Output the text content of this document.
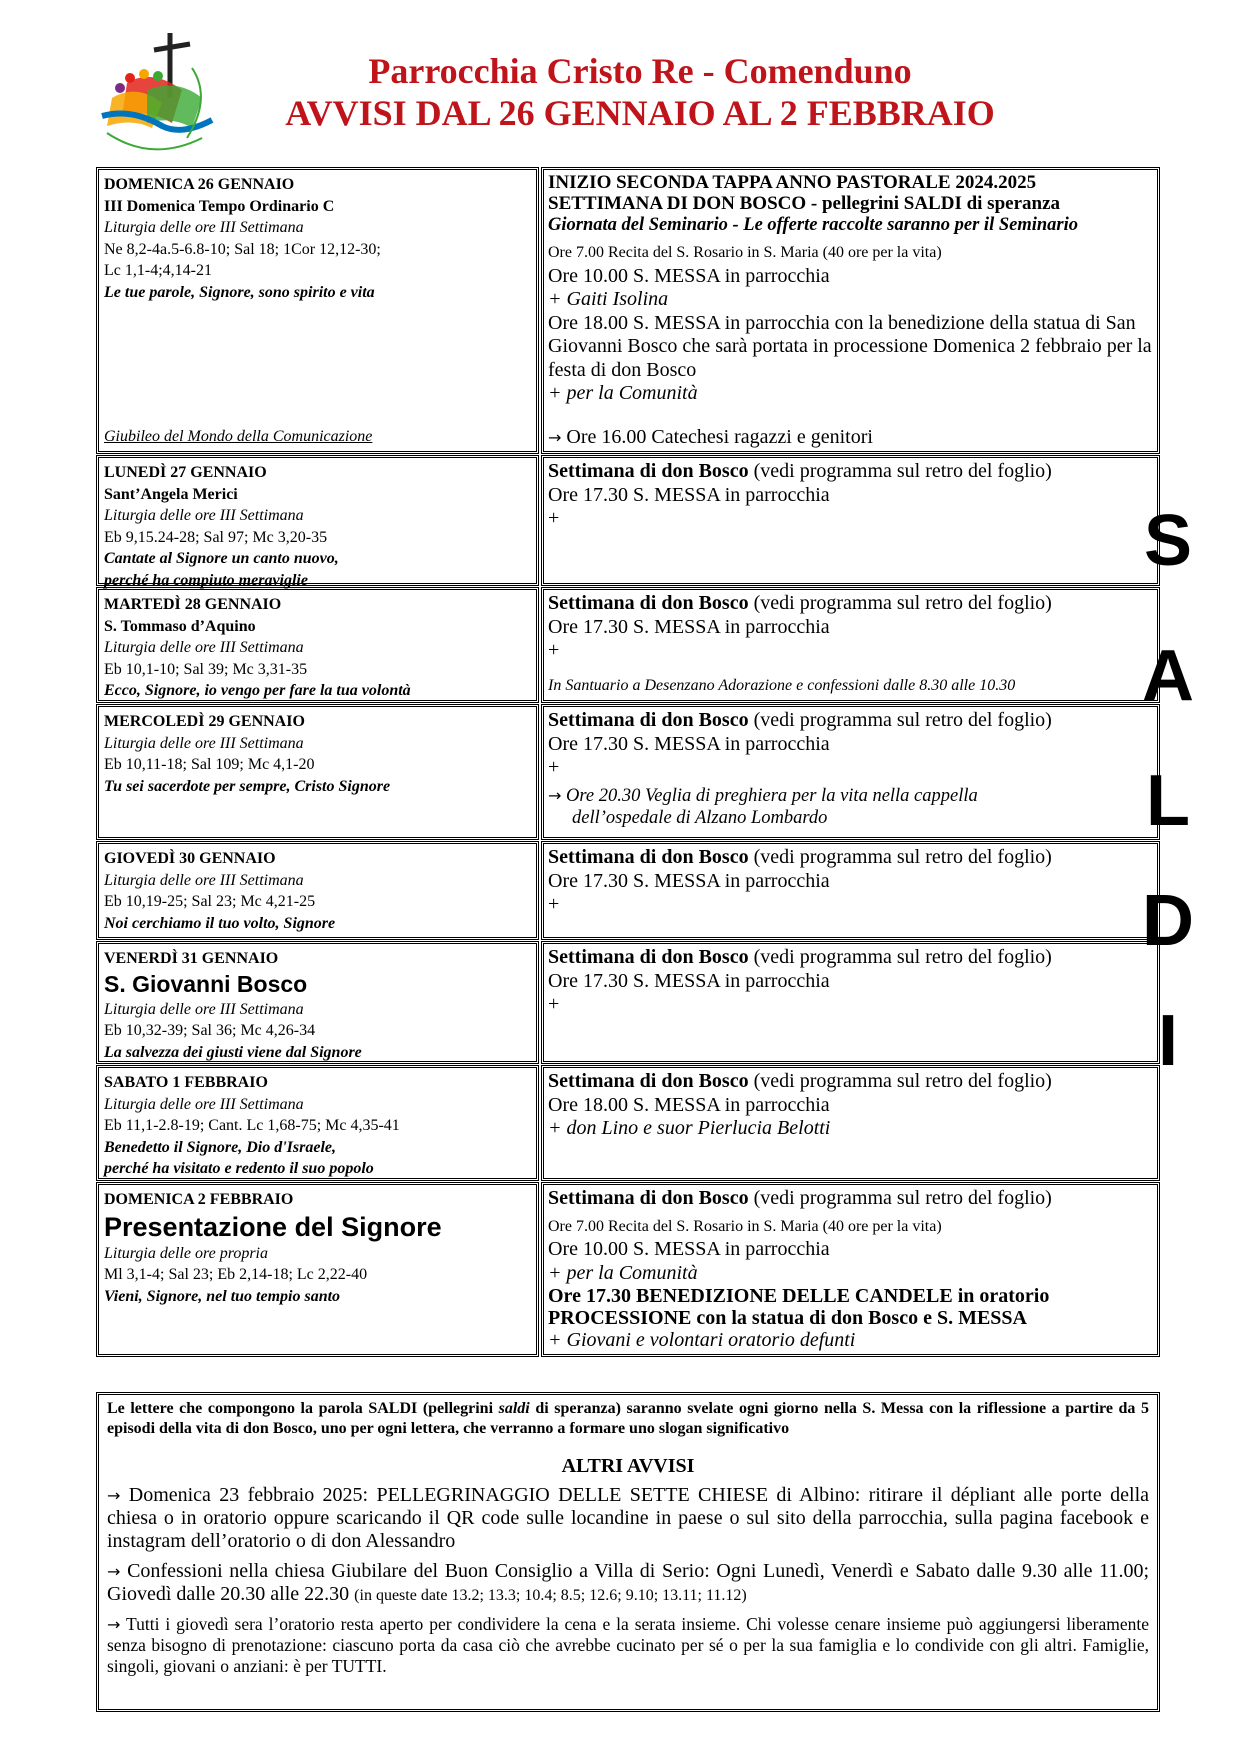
Parrocchia Cristo Re - Comenduno
AVVISI DAL 26 GENNAIO AL 2 FEBBRAIO
DOMENICA 26 GENNAIO
III Domenica Tempo Ordinario C
Liturgia delle ore III Settimana
Ne 8,2-4a.5-6.8-10; Sal 18; 1Cor 12,12-30;
Lc 1,1-4;4,14-21
Le tue parole, Signore, sono spirito e vita
Giubileo del Mondo della Comunicazione
INIZIO SECONDA TAPPA ANNO PASTORALE 2024.2025
SETTIMANA DI DON BOSCO - pellegrini SALDI di speranza
Giornata del Seminario - Le offerte raccolte saranno per il Seminario
Ore 7.00 Recita del S. Rosario in S. Maria (40 ore per la vita)
Ore 10.00 S. MESSA in parrocchia
+ Gaiti Isolina
Ore 18.00 S. MESSA in parrocchia con la benedizione della statua di San Giovanni Bosco che sarà portata in processione Domenica 2 febbraio per la festa di don Bosco
+ per la Comunità
→ Ore 16.00 Catechesi ragazzi e genitori
LUNEDÌ 27 GENNAIO
Sant’Angela Merici
Liturgia delle ore III Settimana
Eb 9,15.24-28; Sal 97; Mc 3,20-35
Cantate al Signore un canto nuovo,
perché ha compiuto meraviglie
Settimana di don Bosco (vedi programma sul retro del foglio)
Ore 17.30 S. MESSA in parrocchia
+
MARTEDÌ 28 GENNAIO
S. Tommaso d’Aquino
Liturgia delle ore III Settimana
Eb 10,1-10; Sal 39; Mc 3,31-35
Ecco, Signore, io vengo per fare la tua volontà
Settimana di don Bosco (vedi programma sul retro del foglio)
Ore 17.30 S. MESSA in parrocchia
+
In Santuario a Desenzano Adorazione e confessioni dalle 8.30 alle 10.30
MERCOLEDÌ 29 GENNAIO
Liturgia delle ore III Settimana
Eb 10,11-18; Sal 109; Mc 4,1-20
Tu sei sacerdote per sempre, Cristo Signore
Settimana di don Bosco (vedi programma sul retro del foglio)
Ore 17.30 S. MESSA in parrocchia
+
→ Ore 20.30 Veglia di preghiera per la vita nella cappella
dell’ospedale di Alzano Lombardo
GIOVEDÌ 30 GENNAIO
Liturgia delle ore III Settimana
Eb 10,19-25; Sal 23; Mc 4,21-25
Noi cerchiamo il tuo volto, Signore
Settimana di don Bosco (vedi programma sul retro del foglio)
Ore 17.30 S. MESSA in parrocchia
+
VENERDÌ 31 GENNAIO
S. Giovanni Bosco
Liturgia delle ore III Settimana
Eb 10,32-39; Sal 36; Mc 4,26-34
La salvezza dei giusti viene dal Signore
Settimana di don Bosco (vedi programma sul retro del foglio)
Ore 17.30 S. MESSA in parrocchia
+
SABATO 1 FEBBRAIO
Liturgia delle ore III Settimana
Eb 11,1-2.8-19; Cant. Lc 1,68-75; Mc 4,35-41
Benedetto il Signore, Dio d'Israele,
perché ha visitato e redento il suo popolo
Settimana di don Bosco (vedi programma sul retro del foglio)
Ore 18.00 S. MESSA in parrocchia
+ don Lino e suor Pierlucia Belotti
DOMENICA 2 FEBBRAIO
Presentazione del Signore
Liturgia delle ore propria
Ml 3,1-4; Sal 23; Eb 2,14-18; Lc 2,22-40
Vieni, Signore, nel tuo tempio santo
Settimana di don Bosco (vedi programma sul retro del foglio)
Ore 7.00 Recita del S. Rosario in S. Maria (40 ore per la vita)
Ore 10.00 S. MESSA in parrocchia
+ per la Comunità
Ore 17.30 BENEDIZIONE DELLE CANDELE in oratorio
PROCESSIONE con la statua di don Bosco e S. MESSA
+ Giovani e volontari oratorio defunti
S
A
L
D
I
Le lettere che compongono la parola SALDI (pellegrini saldi di speranza) saranno svelate ogni giorno nella S. Messa con la riflessione a partire da 5 episodi della vita di don Bosco, uno per ogni lettera, che verranno a formare uno slogan significativo
ALTRI AVVISI
→ Domenica 23 febbraio 2025: PELLEGRINAGGIO DELLE SETTE CHIESE di Albino: ritirare il dépliant alle porte della chiesa o in oratorio oppure scaricando il QR code sulle locandine in paese o sul sito della parrocchia, sulla pagina facebook e instagram dell’oratorio o di don Alessandro
→ Confessioni nella chiesa Giubilare del Buon Consiglio a Villa di Serio: Ogni Lunedì, Venerdì e Sabato dalle 9.30 alle 11.00; Giovedì dalle 20.30 alle 22.30 (in queste date 13.2; 13.3; 10.4; 8.5; 12.6; 9.10; 13.11; 11.12)
→ Tutti i giovedì sera l’oratorio resta aperto per condividere la cena e la serata insieme. Chi volesse cenare insieme può aggiungersi liberamente senza bisogno di prenotazione: ciascuno porta da casa ciò che avrebbe cucinato per sé o per la sua famiglia e lo condivide con gli altri. Famiglie, singoli, giovani o anziani: è per TUTTI.
